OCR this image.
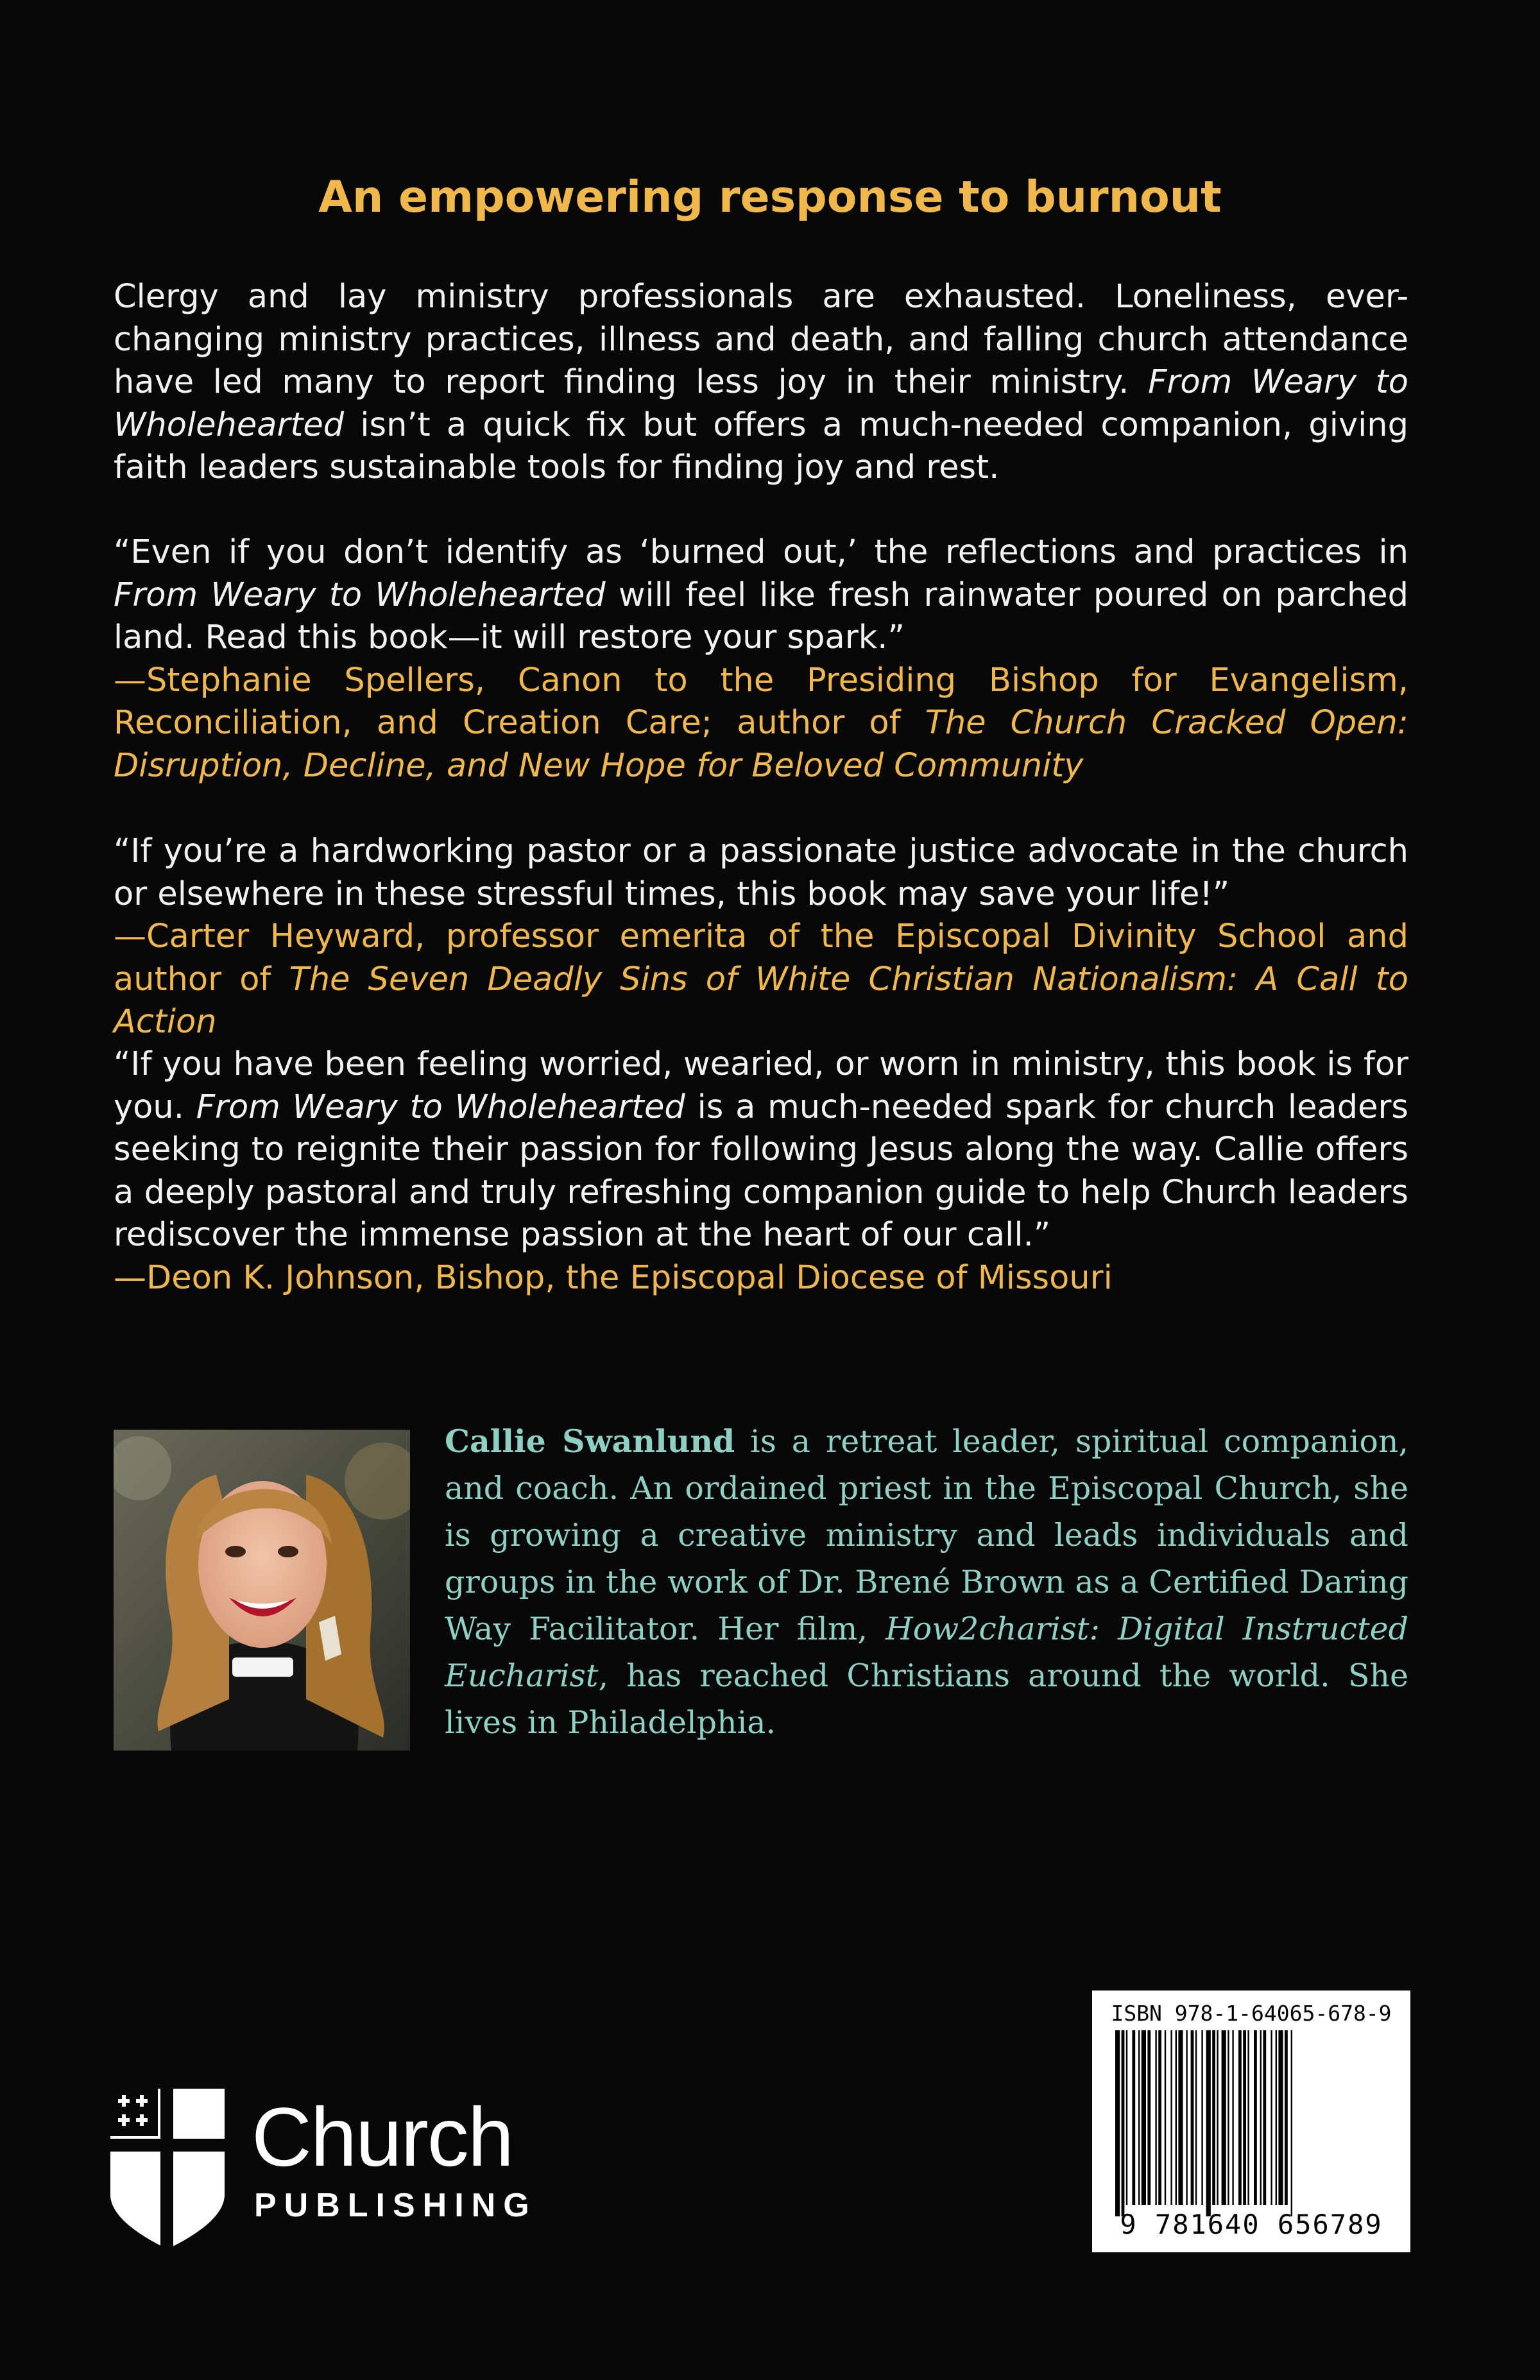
An empowering response to burnout

Clergy and lay ministry professionals are exhausted. Loneliness, ever-changing ministry practices, illness and death, and falling church attendance have led many to report finding less joy in their ministry. From Weary to Wholehearted isn’t a quick fix but offers a much-needed companion, giving faith leaders sustainable tools for finding joy and rest.

“Even if you don’t identify as ‘burned out,’ the reflections and practices in From Weary to Wholehearted will feel like fresh rainwater poured on parched land. Read this book—it will restore your spark.”
—Stephanie Spellers, Canon to the Presiding Bishop for Evangelism, Reconciliation, and Creation Care; author of The Church Cracked Open: Disruption, Decline, and New Hope for Beloved Community

“If you’re a hardworking pastor or a passionate justice advocate in the church or elsewhere in these stressful times, this book may save your life!”
—Carter Heyward, professor emerita of the Episcopal Divinity School and author of The Seven Deadly Sins of White Christian Nationalism: A Call to Action

“If you have been feeling worried, wearied, or worn in ministry, this book is for you. From Weary to Wholehearted is a much-needed spark for church leaders seeking to reignite their passion for following Jesus along the way. Callie offers a deeply pastoral and truly refreshing companion guide to help Church leaders rediscover the immense passion at the heart of our call.”
—Deon K. Johnson, Bishop, the Episcopal Diocese of Missouri

Callie Swanlund is a retreat leader, spiritual companion, and coach. An ordained priest in the Episcopal Church, she is growing a creative ministry and leads individuals and groups in the work of Dr. Brené Brown as a Certified Daring Way Facilitator. Her film, How2charist: Digital Instructed Eucharist, has reached Christians around the world. She lives in Philadelphia.

Church
PUBLISHING
ISBN 978-1-64065-678-9
9 781640 656789
